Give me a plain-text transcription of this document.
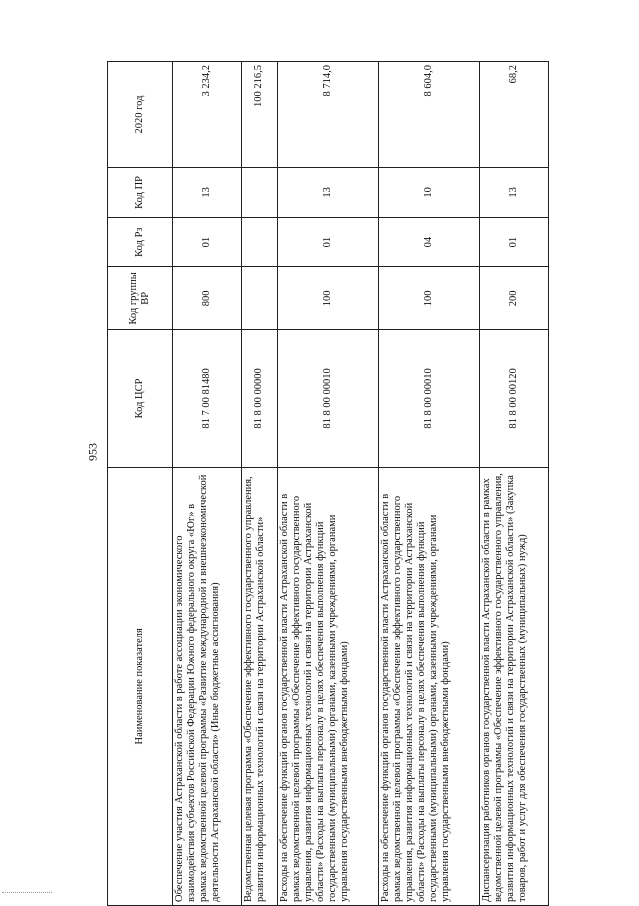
953
Наименование показателя	Код ЦСР	Код группы ВР	Код Рз	Код ПР	2020 год
Обеспечение участия Астраханской области в работе ассоциации экономического взаимодействия субъектов Российской Федерации Южного федерального округа «Юг» в рамках ведомственной целевой программы «Развитие международной и внешнеэкономической деятельности Астраханской области» (Иные бюджетные ассигнования)	81 7 00 81480	800	01	13	3 234,2
Ведомственная целевая программа «Обеспечение эффективного государственного управления, развития информационных технологий и связи на территории Астраханской области»	81 8 00 00000				100 216,5
Расходы на обеспечение функций органов государственной власти Астраханской области в рамках ведомственной целевой программы «Обеспечение эффективного государственного управления, развития информационных технологий и связи на территории Астраханской области» (Расходы на выплаты персоналу в целях обеспечения выполнения функций государственными (муниципальными) органами, казенными учреждениями, органами управления государственными внебюджетными фондами)	81 8 00 00010	100	01	13	8 714,0
Расходы на обеспечение функций органов государственной власти Астраханской области в рамках ведомственной целевой программы «Обеспечение эффективного государственного управления, развития информационных технологий и связи на территории Астраханской области» (Расходы на выплаты персоналу в целях обеспечения выполнения функций государственными (муниципальными) органами, казенными учреждениями, органами управления государственными внебюджетными фондами)	81 8 00 00010	100	04	10	8 604,0
Диспансеризация работников органов государственной власти Астраханской области в рамках ведомственной целевой программы «Обеспечение эффективного государственного управления, развития информационных технологий и связи на территории Астраханской области» (Закупка товаров, работ и услуг для обеспечения государственных (муниципальных) нужд)	81 8 00 00120	200	01	13	68,2
